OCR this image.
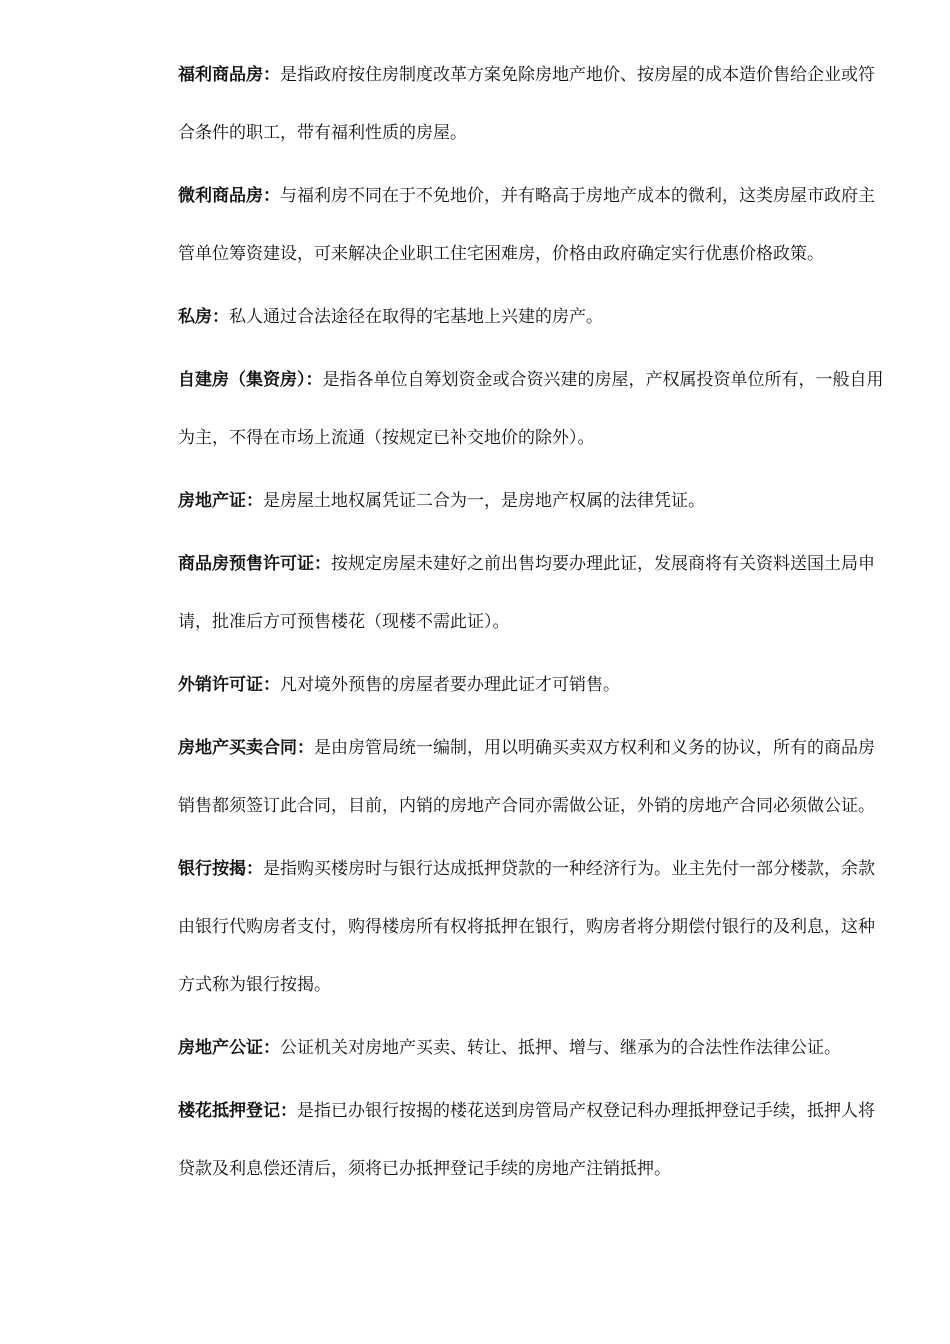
福利商品房：是指政府按住房制度改革方案免除房地产地价、按房屋的成本造价售给企业或符合条件的职工，带有福利性质的房屋。

微利商品房：与福利房不同在于不免地价，并有略高于房地产成本的微利，这类房屋市政府主管单位筹资建设，可来解决企业职工住宅困难房，价格由政府确定实行优惠价格政策。

私房：私人通过合法途径在取得的宅基地上兴建的房产。

自建房（集资房）：是指各单位自筹划资金或合资兴建的房屋，产权属投资单位所有，一般自用为主，不得在市场上流通（按规定已补交地价的除外）。

房地产证：是房屋土地权属凭证二合为一，是房地产权属的法律凭证。

商品房预售许可证：按规定房屋未建好之前出售均要办理此证，发展商将有关资料送国土局申请，批准后方可预售楼花（现楼不需此证）。

外销许可证：凡对境外预售的房屋者要办理此证才可销售。

房地产买卖合同：是由房管局统一编制，用以明确买卖双方权利和义务的协议，所有的商品房销售都须签订此合同，目前，内销的房地产合同亦需做公证，外销的房地产合同必须做公证。

银行按揭：是指购买楼房时与银行达成抵押贷款的一种经济行为。业主先付一部分楼款，余款由银行代购房者支付，购得楼房所有权将抵押在银行，购房者将分期偿付银行的及利息，这种方式称为银行按揭。

房地产公证：公证机关对房地产买卖、转让、抵押、增与、继承为的合法性作法律公证。

楼花抵押登记：是指已办银行按揭的楼花送到房管局产权登记科办理抵押登记手续，抵押人将贷款及利息偿还清后，须将已办抵押登记手续的房地产注销抵押。
